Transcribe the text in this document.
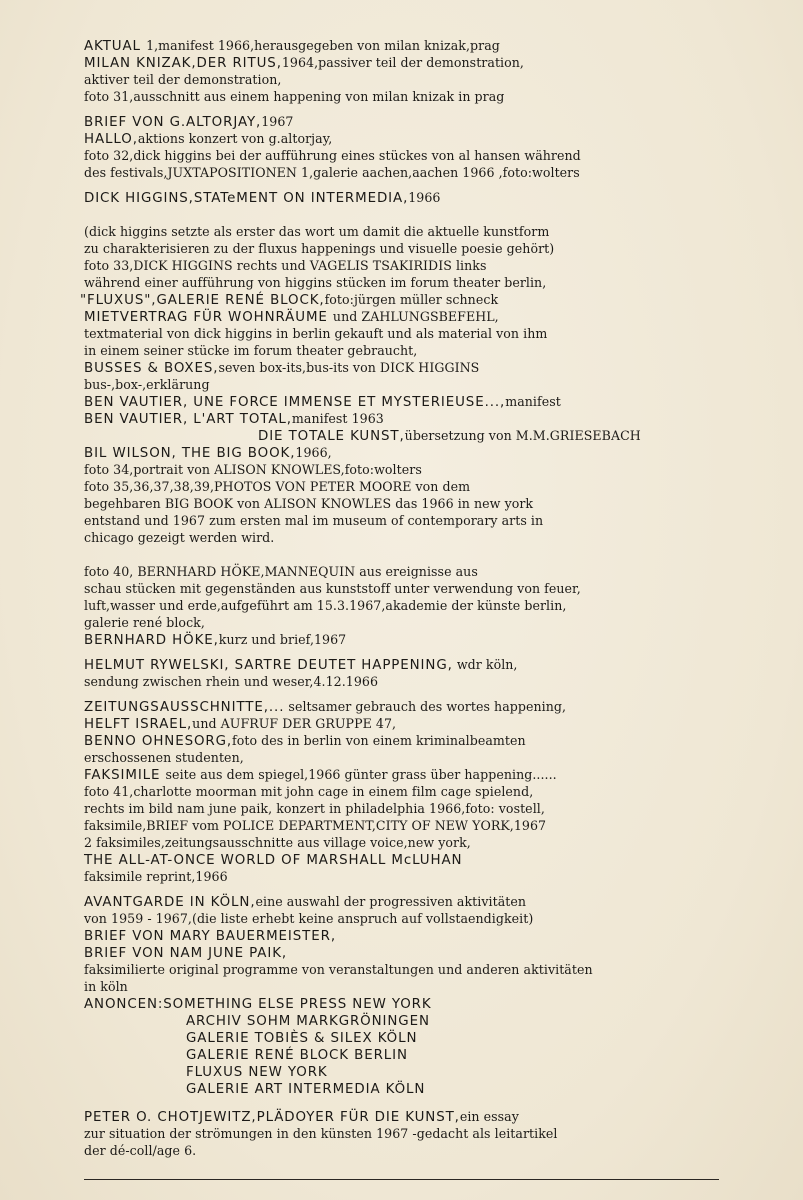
AKTUAL 1,manifest 1966,herausgegeben von milan knizak,prag
MILAN KNIZAK,DER RITUS,1964,passiver teil der demonstration,
aktiver teil der demonstration,
foto 31,ausschnitt aus einem happening von milan knizak in prag
BRIEF VON G.ALTORJAY,1967
HALLO,aktions konzert von g.altorjay,
foto 32,dick higgins bei der aufführung eines stückes von al hansen während
des festivals,JUXTAPOSITIONEN 1,galerie aachen,aachen 1966 ,foto:wolters
DICK HIGGINS,STATeMENT ON INTERMEDIA,1966
(dick higgins setzte als erster das wort um damit die aktuelle kunstform
zu charakterisieren zu der fluxus happenings und visuelle poesie gehört)
foto 33,DICK HIGGINS rechts und VAGELIS TSAKIRIDIS links
während einer aufführung von higgins stücken im forum theater berlin,
"FLUXUS",GALERIE RENÉ BLOCK,foto:jürgen müller schneck
MIETVERTRAG FÜR WOHNRÄUME und ZAHLUNGSBEFEHL,
textmaterial von dick higgins in berlin gekauft und als material von ihm
in einem seiner stücke im forum theater gebraucht,
BUSSES & BOXES,seven box-its,bus-its von DICK HIGGINS
bus-,box-,erklärung
BEN VAUTIER, UNE FORCE IMMENSE ET MYSTERIEUSE...,manifest
BEN VAUTIER, L'ART TOTAL,manifest 1963
DIE TOTALE KUNST,übersetzung von M.M.GRIESEBACH
BIL WILSON, THE BIG BOOK,1966,
foto 34,portrait von ALISON KNOWLES,foto:wolters
foto 35,36,37,38,39,PHOTOS VON PETER MOORE von dem
begehbaren BIG BOOK von ALISON KNOWLES das 1966 in new york
entstand und 1967 zum ersten mal im museum of contemporary arts in
chicago gezeigt werden wird.
foto 40, BERNHARD HÖKE,MANNEQUIN aus ereignisse aus
schau stücken mit gegenständen aus kunststoff unter verwendung von feuer,
luft,wasser und erde,aufgeführt am 15.3.1967,akademie der künste berlin,
galerie rené block,
BERNHARD HÖKE,kurz und brief,1967
HELMUT RYWELSKI, SARTRE DEUTET HAPPENING, wdr köln,
sendung zwischen rhein und weser,4.12.1966
ZEITUNGSAUSSCHNITTE,... seltsamer gebrauch des wortes happening,
HELFT ISRAEL,und AUFRUF DER GRUPPE 47,
BENNO OHNESORG,foto des in berlin von einem kriminalbeamten
erschossenen studenten,
FAKSIMILE seite aus dem spiegel,1966 günter grass über happening......
foto 41,charlotte moorman mit john cage in einem film cage spielend,
rechts im bild nam june paik, konzert in philadelphia 1966,foto: vostell,
faksimile,BRIEF vom POLICE DEPARTMENT,CITY OF NEW YORK,1967
2 faksimiles,zeitungsausschnitte aus village voice,new york,
THE ALL-AT-ONCE WORLD OF MARSHALL McLUHAN
faksimile reprint,1966
AVANTGARDE IN KÖLN,eine auswahl der progressiven aktivitäten
von 1959 - 1967,(die liste erhebt keine anspruch auf vollstaendigkeit)
BRIEF VON MARY BAUERMEISTER,
BRIEF VON NAM JUNE PAIK,
faksimilierte original programme von veranstaltungen und anderen aktivitäten
in köln
ANONCEN:SOMETHING ELSE PRESS NEW YORK
ARCHIV SOHM MARKGRÖNINGEN
GALERIE TOBIÈS & SILEX KÖLN
GALERIE RENÉ BLOCK BERLIN
FLUXUS NEW YORK
GALERIE ART INTERMEDIA KÖLN
PETER O. CHOTJEWITZ,PLÄDOYER FÜR DIE KUNST,ein essay
zur situation der strömungen in den künsten 1967 -gedacht als leitartikel
der dé-coll/age 6.
